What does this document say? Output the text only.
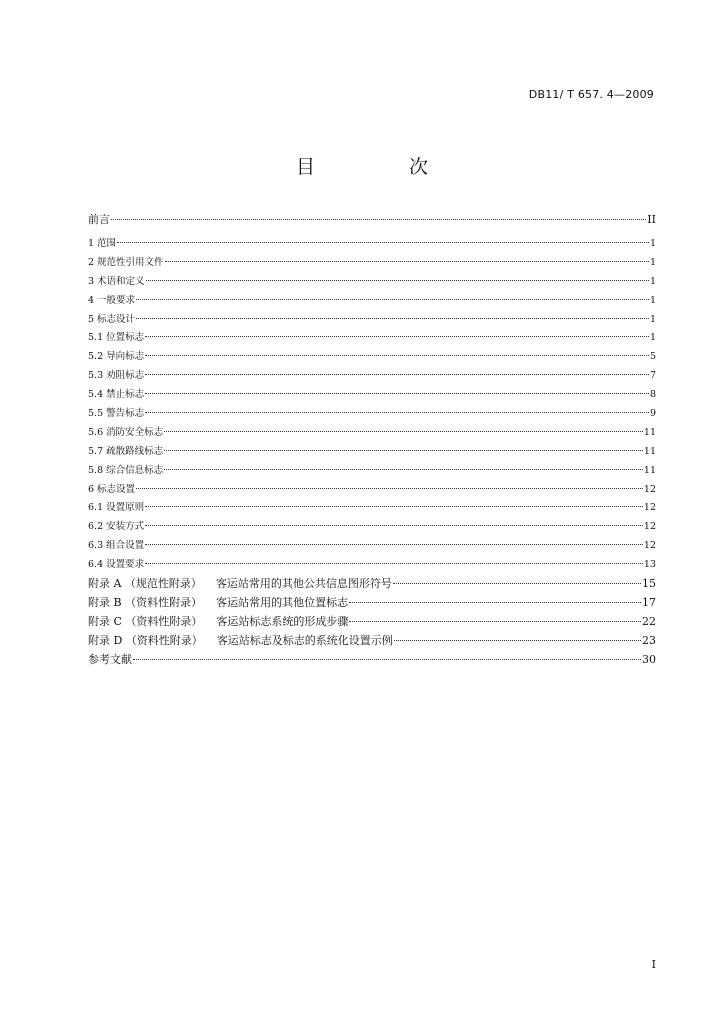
DB11/ T 657. 4—2009
目 次
前言	II
1 范围	1
2 规范性引用文件	1
3 术语和定义	1
4 一般要求	1
5 标志设计	1
5.1 位置标志	1
5.2 导向标志	5
5.3 劝阻标志	7
5.4 禁止标志	8
5.5 警告标志	9
5.6 消防安全标志	11
5.7 疏散路线标志	11
5.8 综合信息标志	11
6 标志设置	12
6.1 设置原则	12
6.2 安装方式	12
6.3 组合设置	12
6.4 设置要求	13
附录 A （规范性附录） 客运站常用的其他公共信息图形符号	15
附录 B （资料性附录） 客运站常用的其他位置标志	17
附录 C （资料性附录） 客运站标志系统的形成步骤	22
附录 D （资料性附录） 客运站标志及标志的系统化设置示例	23
参考文献	30
I
